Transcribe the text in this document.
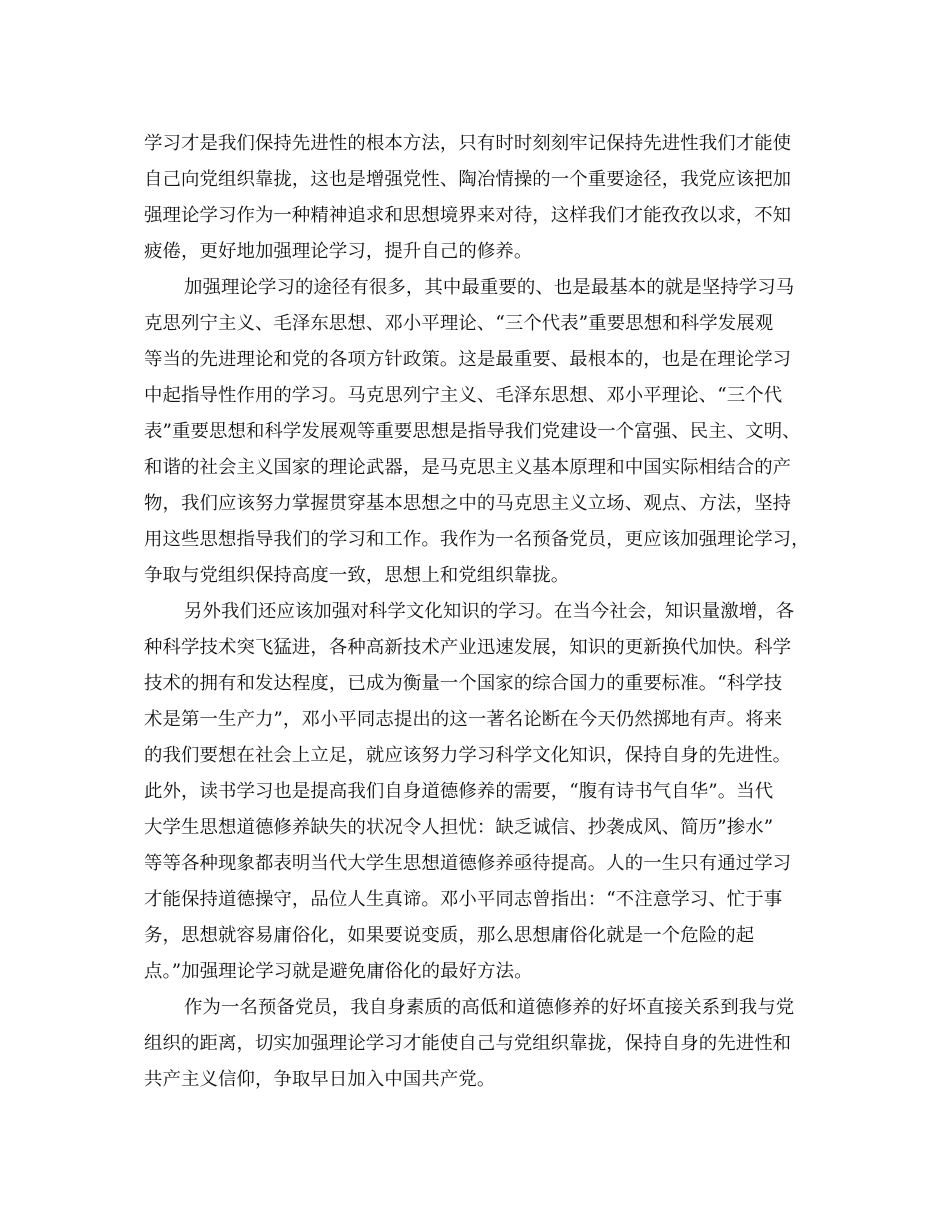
学习才是我们保持先进性的根本方法，只有时时刻刻牢记保持先进性我们才能使
自己向党组织靠拢，这也是增强党性、陶冶情操的一个重要途径，我党应该把加
强理论学习作为一种精神追求和思想境界来对待，这样我们才能孜孜以求，不知
疲倦，更好地加强理论学习，提升自己的修养。
加强理论学习的途径有很多，其中最重要的、也是最基本的就是坚持学习马
克思列宁主义、毛泽东思想、邓小平理论、“三个代表”重要思想和科学发展观
等当的先进理论和党的各项方针政策。这是最重要、最根本的，也是在理论学习
中起指导性作用的学习。马克思列宁主义、毛泽东思想、邓小平理论、“三个代
表”重要思想和科学发展观等重要思想是指导我们党建设一个富强、民主、文明、
和谐的社会主义国家的理论武器，是马克思主义基本原理和中国实际相结合的产
物，我们应该努力掌握贯穿基本思想之中的马克思主义立场、观点、方法，坚持
用这些思想指导我们的学习和工作。我作为一名预备党员，更应该加强理论学习，
争取与党组织保持高度一致，思想上和党组织靠拢。
另外我们还应该加强对科学文化知识的学习。在当今社会，知识量激增，各
种科学技术突飞猛进，各种高新技术产业迅速发展，知识的更新换代加快。科学
技术的拥有和发达程度，已成为衡量一个国家的综合国力的重要标准。“科学技
术是第一生产力”，邓小平同志提出的这一著名论断在今天仍然掷地有声。将来
的我们要想在社会上立足，就应该努力学习科学文化知识，保持自身的先进性。
此外，读书学习也是提高我们自身道德修养的需要，“腹有诗书气自华”。当代
大学生思想道德修养缺失的状况令人担忧：缺乏诚信、抄袭成风、简历”掺水”
等等各种现象都表明当代大学生思想道德修养亟待提高。人的一生只有通过学习
才能保持道德操守，品位人生真谛。邓小平同志曾指出：“不注意学习、忙于事
务，思想就容易庸俗化，如果要说变质，那么思想庸俗化就是一个危险的起
点。”加强理论学习就是避免庸俗化的最好方法。
作为一名预备党员，我自身素质的高低和道德修养的好坏直接关系到我与党
组织的距离，切实加强理论学习才能使自己与党组织靠拢，保持自身的先进性和
共产主义信仰，争取早日加入中国共产党。
